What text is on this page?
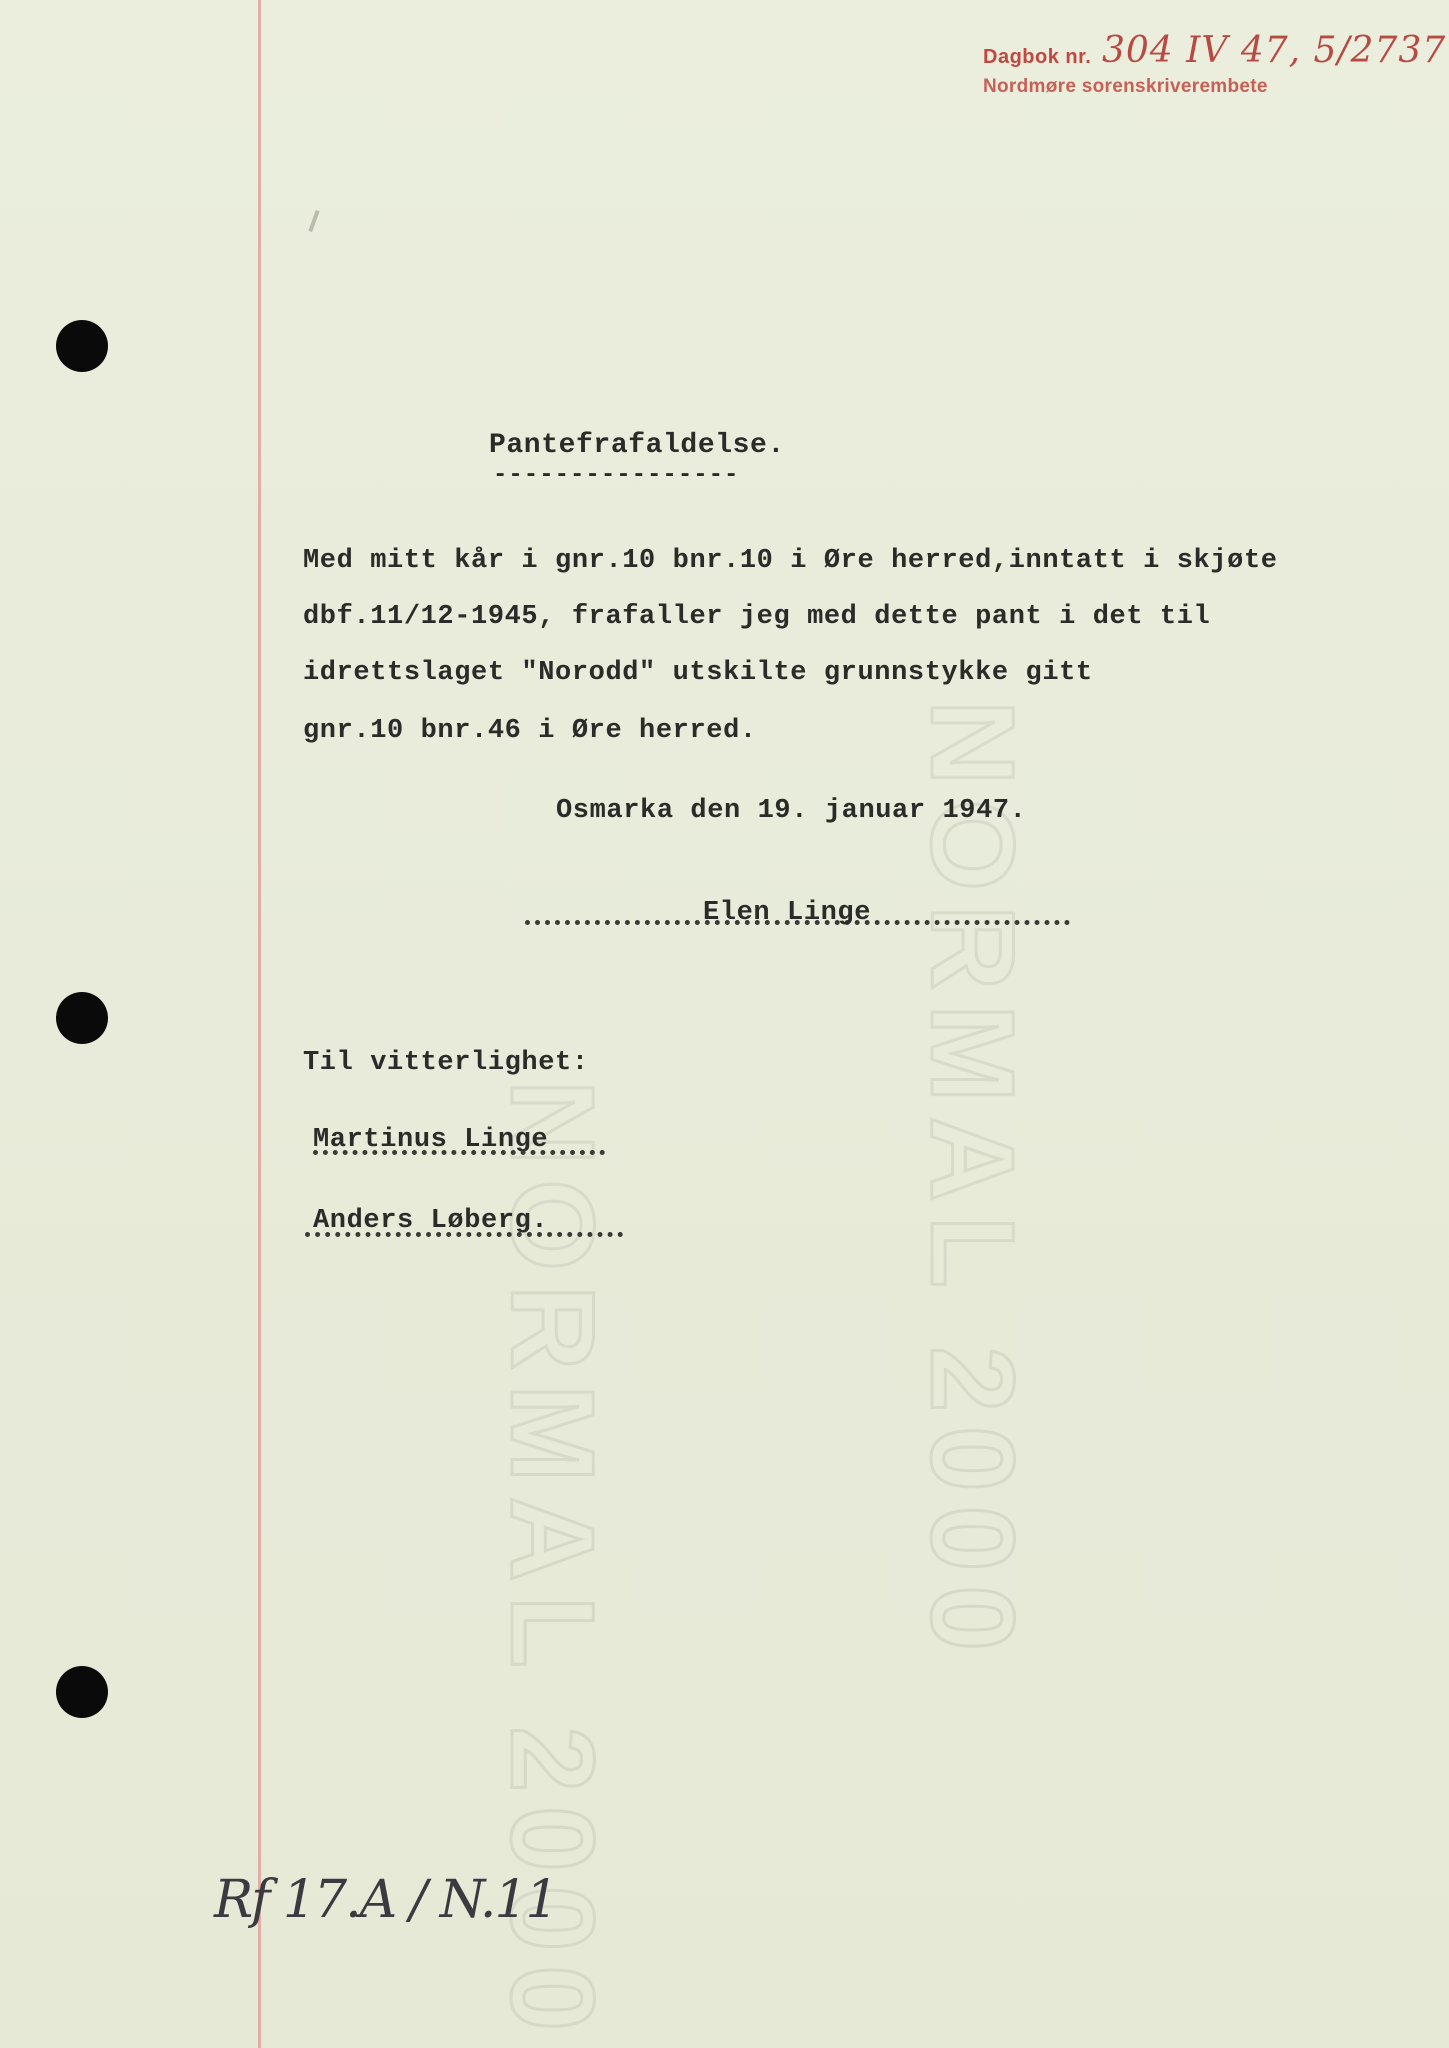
NORMAL 2000 NORMAL 2000
Dagbok nr.
Nordmøre sorenskriverembete
304 IV 47, 5/2737
Pantefrafaldelse.
----------------
Med mitt kår i gnr.10 bnr.10 i Øre herred,inntatt i skjøte
dbf.11/12-1945, frafaller jeg med dette pant i det til
idrettslaget "Norodd" utskilte grunnstykke gitt
gnr.10 bnr.46 i Øre herred.
Osmarka den 19. januar 1947.
Elen Linge
Til vitterlighet:
Martinus Linge
Anders Løberg.
Rf 17.A / N.11
